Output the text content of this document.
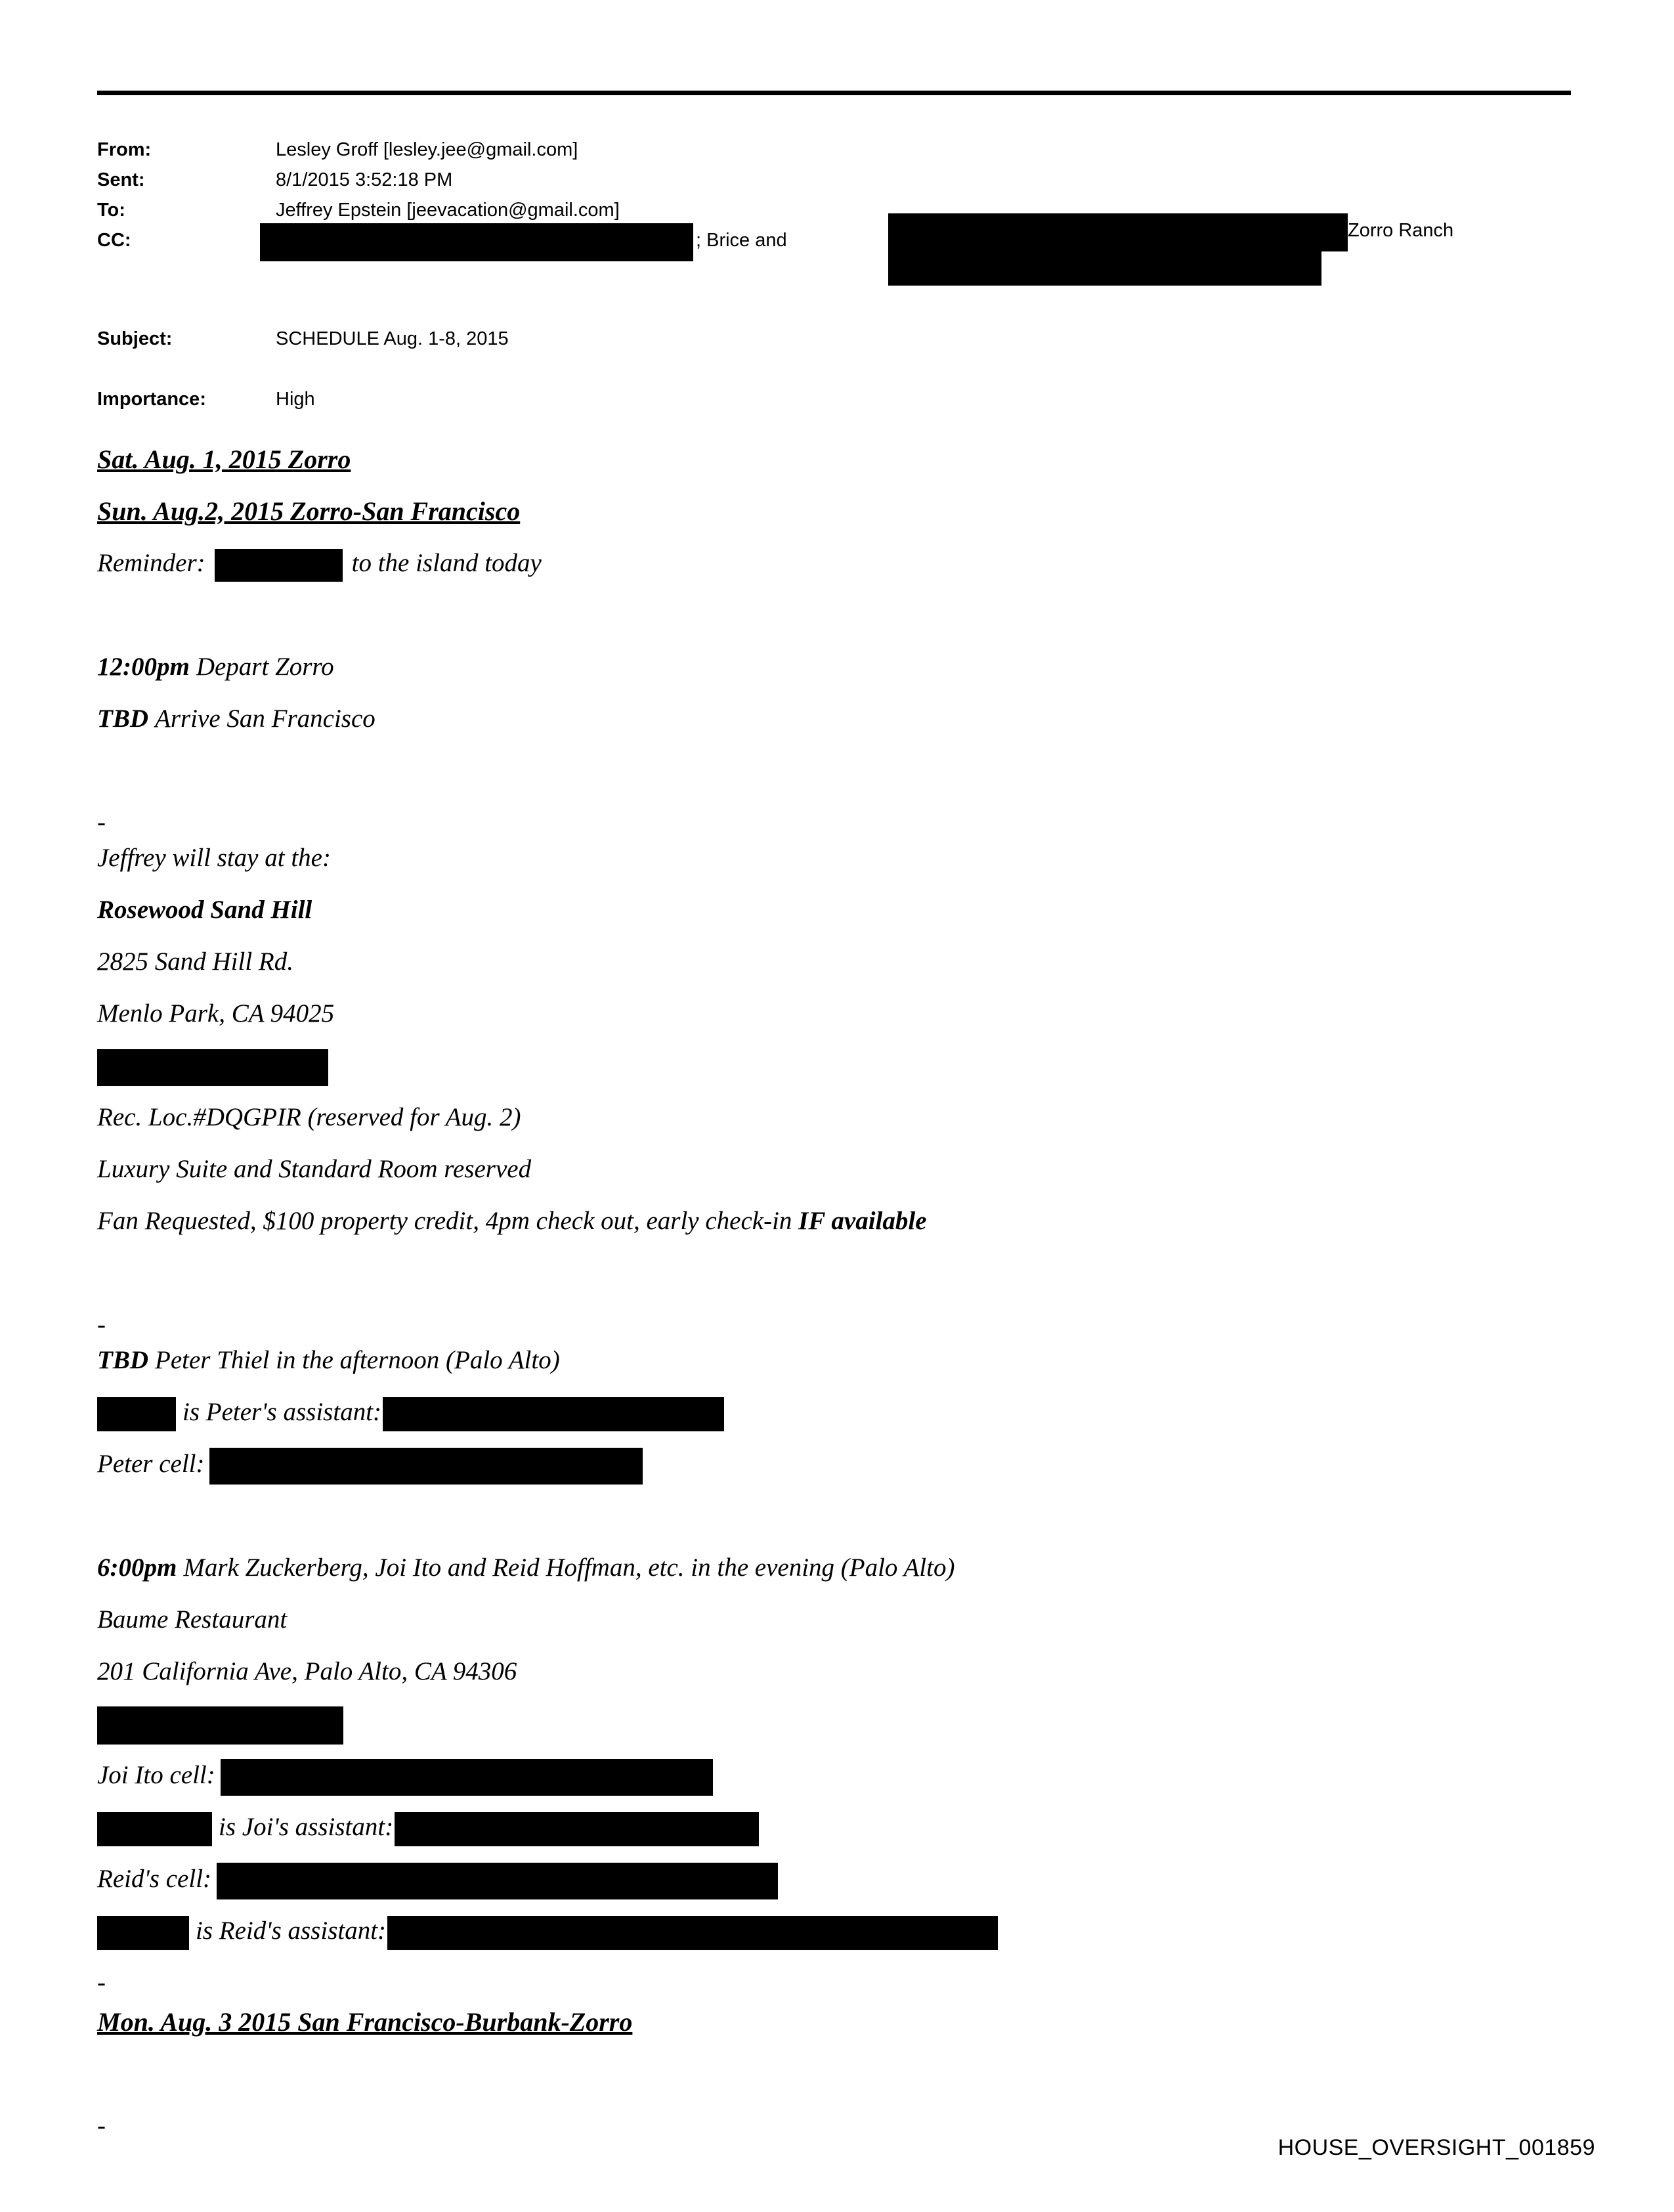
From:	Lesley Groff [lesley.jee@gmail.com]
Sent:	8/1/2015 3:52:18 PM
To:	Jeffrey Epstein [jeevacation@gmail.com]
CC:	; Brice and	Zorro Ranch
Subject:	SCHEDULE Aug. 1-8, 2015
Importance:	High
Sat. Aug. 1, 2015 Zorro
Sun. Aug.2, 2015 Zorro-San Francisco
Reminder:	to the island today
12:00pm Depart Zorro
TBD Arrive San Francisco
-
Jeffrey will stay at the:
Rosewood Sand Hill
2825 Sand Hill Rd.
Menlo Park, CA 94025
Rec. Loc.#DQGPIR (reserved for Aug. 2)
Luxury Suite and Standard Room reserved
Fan Requested, $100 property credit, 4pm check out, early check-in IF available
-
TBD Peter Thiel in the afternoon (Palo Alto)
is Peter's assistant:
Peter cell:
6:00pm Mark Zuckerberg, Joi Ito and Reid Hoffman, etc. in the evening (Palo Alto)
Baume Restaurant
201 California Ave, Palo Alto, CA 94306
Joi Ito cell:
is Joi's assistant:
Reid's cell:
is Reid's assistant:
-
Mon. Aug. 3 2015 San Francisco-Burbank-Zorro
-
HOUSE_OVERSIGHT_001859
